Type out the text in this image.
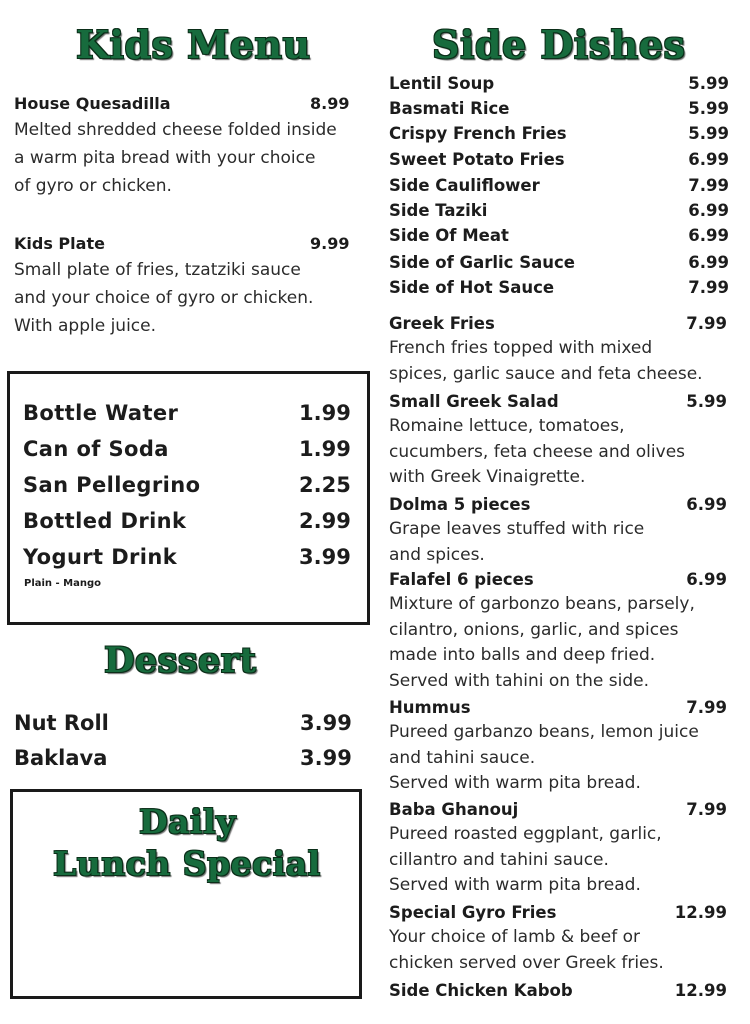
Kids Menu
House Quesadilla	8.99
Melted shredded cheese folded inside
a warm pita bread with your choice
of gyro or chicken.
Kids Plate	9.99
Small plate of fries, tzatziki sauce
and your choice of gyro or chicken.
With apple juice.
Bottle Water	1.99
Can of Soda	1.99
San Pellegrino	2.25
Bottled Drink	2.99
Yogurt Drink	3.99
Plain - Mango
Dessert
Nut Roll	3.99
Baklava	3.99
Daily
Lunch Special
Side Dishes
Lentil Soup	5.99
Basmati Rice	5.99
Crispy French Fries	5.99
Sweet Potato Fries	6.99
Side Cauliflower	7.99
Side Taziki	6.99
Side Of Meat	6.99
Side of Garlic Sauce	6.99
Side of Hot Sauce	7.99
Greek Fries	7.99
French fries topped with mixed
spices, garlic sauce and feta cheese.
Small Greek Salad	5.99
Romaine lettuce, tomatoes,
cucumbers, feta cheese and olives
with Greek Vinaigrette.
Dolma 5 pieces	6.99
Grape leaves stuffed with rice
and spices.
Falafel 6 pieces	6.99
Mixture of garbonzo beans, parsely,
cilantro, onions, garlic, and spices
made into balls and deep fried.
Served with tahini on the side.
Hummus	7.99
Pureed garbanzo beans, lemon juice
and tahini sauce.
Served with warm pita bread.
Baba Ghanouj	7.99
Pureed roasted eggplant, garlic,
cillantro and tahini sauce.
Served with warm pita bread.
Special Gyro Fries	12.99
Your choice of lamb & beef or
chicken served over Greek fries.
Side Chicken Kabob	12.99
